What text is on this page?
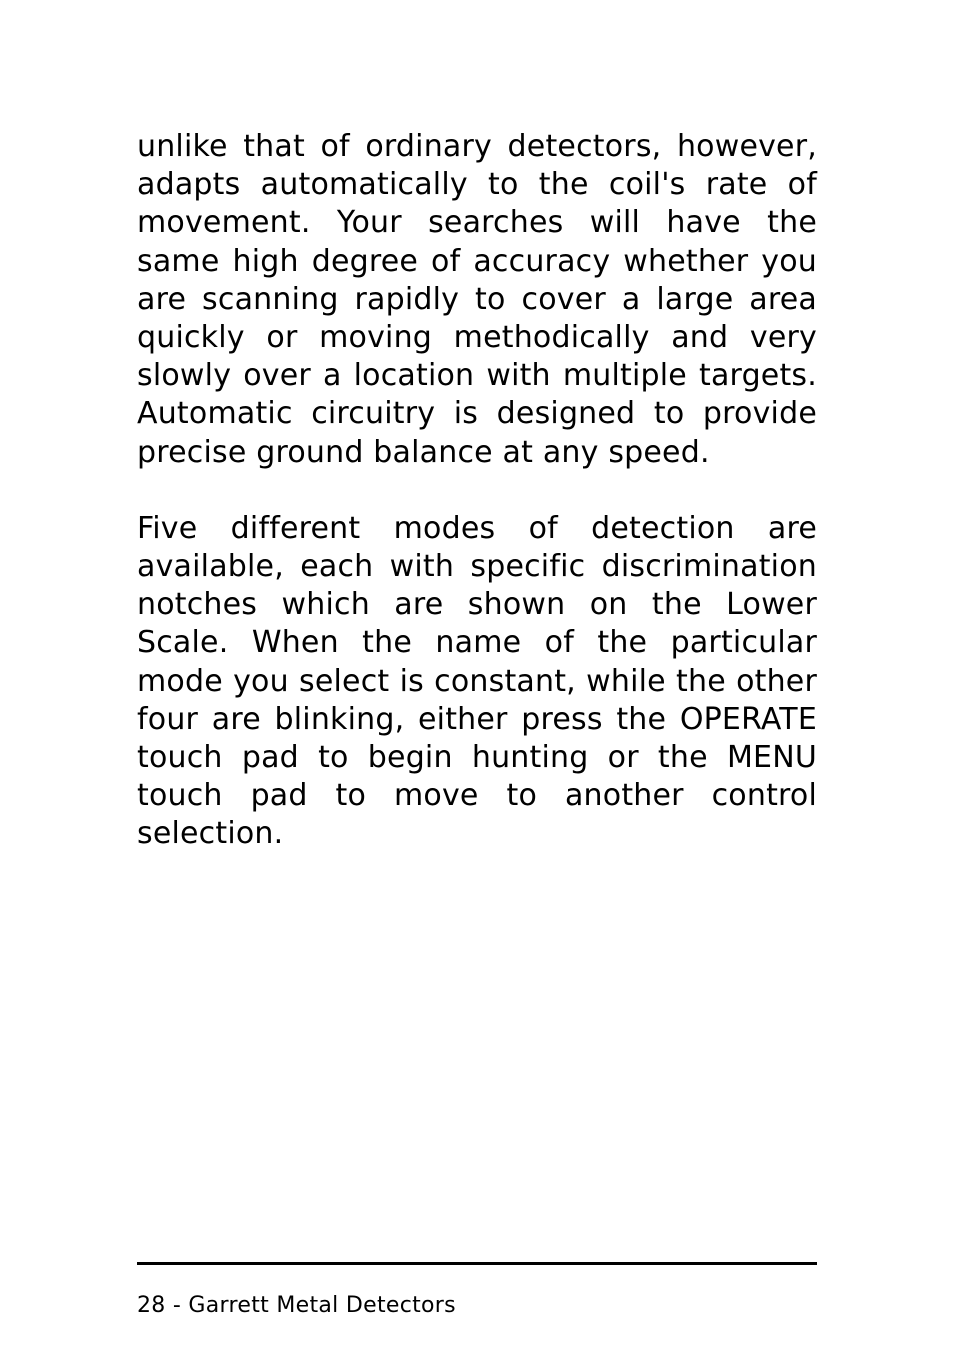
unlike that of ordinary detectors, however, adapts automatically to the coil's rate of movement. Your searches will have the same high degree of accuracy whether you are scanning rapidly to cover a large area quickly or moving methodically and very slowly over a location with multiple targets. Automatic circuitry is designed to provide precise ground balance at any speed.

Five different modes of detection are available, each with specific discrimination notches which are shown on the Lower Scale. When the name of the particular mode you select is constant, while the other four are blinking, either press the OPERATE touch pad to begin hunting or the MENU touch pad to move to another control selection.

28 - Garrett Metal Detectors
